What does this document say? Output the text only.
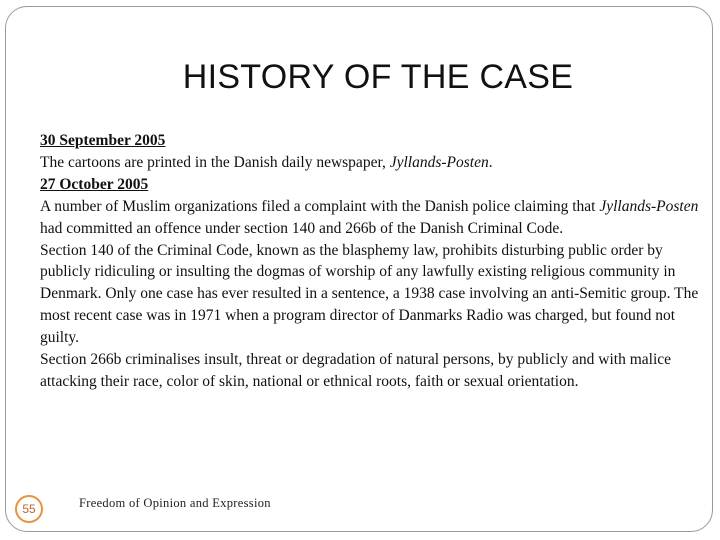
HISTORY OF THE CASE

30 September 2005

The cartoons are printed in the Danish daily newspaper, Jyllands-Posten.

27 October 2005

A number of Muslim organizations filed a complaint with the Danish police claiming that Jyllands-Posten had committed an offence under section 140 and 266b of the Danish Criminal Code.

Section 140 of the Criminal Code, known as the blasphemy law, prohibits disturbing public order by publicly ridiculing or insulting the dogmas of worship of any lawfully existing religious community in Denmark. Only one case has ever resulted in a sentence, a 1938 case involving an anti-Semitic group. The most recent case was in 1971 when a program director of Danmarks Radio was charged, but found not guilty.

Section 266b criminalises insult, threat or degradation of natural persons, by publicly and with malice attacking their race, color of skin, national or ethnical roots, faith or sexual orientation.

55	Freedom of Opinion and Expression
